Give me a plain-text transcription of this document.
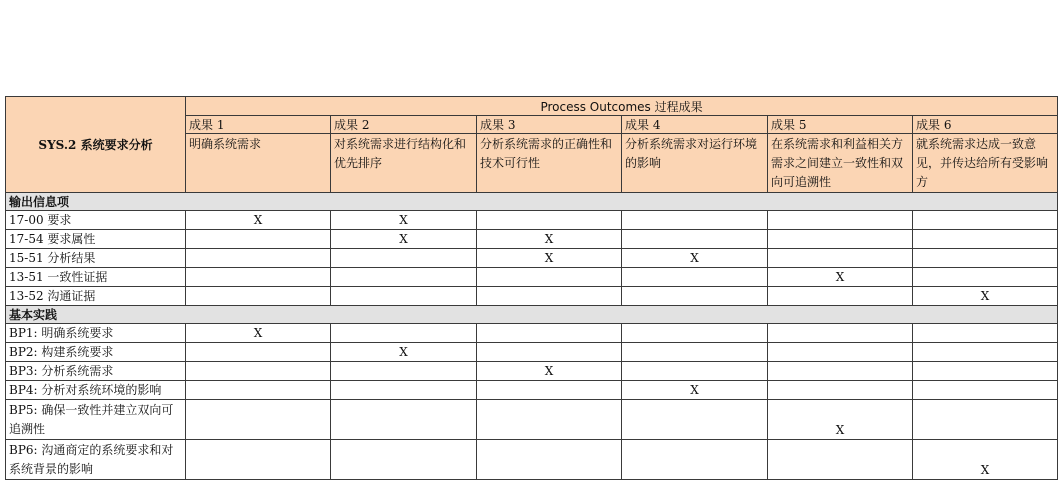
SYS.2 系统要求分析	Process Outcomes 过程成果					
	成果 1	成果 2	成果 3	成果 4	成果 5	成果 6
	明确系统需求	对系统需求进行结构化和优先排序	分析系统需求的正确性和技术可行性	分析系统需求对运行环境的影响	在系统需求和利益相关方需求之间建立一致性和双向可追溯性	就系统需求达成一致意见，并传达给所有受影响方
输出信息项						
17-00 要求	X	X				
17-54 要求属性		X	X			
15-51 分析结果			X	X		
13-51 一致性证据					X	
13-52 沟通证据						X
基本实践						
BP1: 明确系统要求	X					
BP2: 构建系统要求		X				
BP3: 分析系统需求			X			
BP4: 分析对系统环境的影响				X		
BP5: 确保一致性并建立双向可追溯性					X	
BP6: 沟通商定的系统要求和对系统背景的影响						X
